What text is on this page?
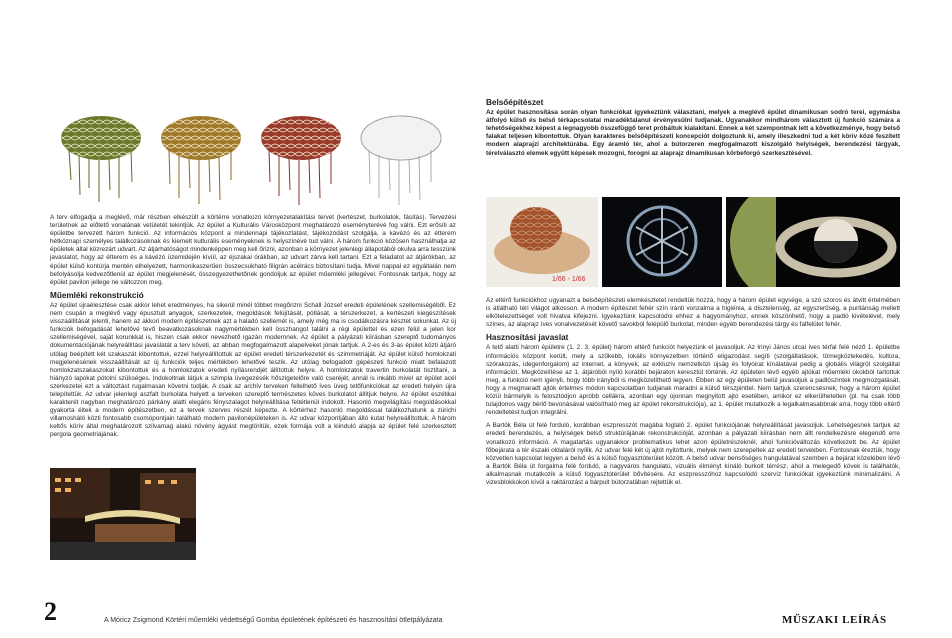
A terv elfogadja a meglévő, már részben elkészült a körtérre vonatkozó környezetalakítási tervet (kertészet, burkolatok, fásítás). Tervezési területnek az előtető vonalának vetületét tekintjük. Az épület a Kulturális Városközpont meghatározó eseményterévé fog válni. Ezt erősíti az épületbe tervezett három funkció. Az információs központ a mindennapi tájékoztatást, tájékozódást szolgálja, a kávézó és az étterem hétköznapi személyes találkozásoknak és kiemelt kulturális eseményeknek is helyszínévé tud válni. A három funkció közösen használhatja az épületek által közrezárt udvart. Az átjárhatóságot mindenképpen meg kell őrizni, azonban a környezet jelenlegi állapotából okulva arra tesszünk javaslatot, hogy az étterem és a kávézó üzemidején kívül, az éjszakai órákban, az udvart zárva kell tartani. Ezt a feladatot az átjárókban, az épület külső kontúrja mentén elhelyezett, harmonikaszerűen összecsukható filigrán acélrács biztosítani tudja. Mivel nappal ez egyáltalán nem befolyásolja kedvezőtlenül az épület megjelenését, összegyezethetőnek gondoljuk az épület műemléki jellegével. Fontosnak tartjuk, hogy az épület pavilon jellege ne változzon meg.

Műemléki rekonstrukció

Az épület újraélesztése csak akkor lehet eredményes, ha sikerül minél többet megőrizni Schall József eredeti épületének szellemiségéből. Ez nem csupán a meglévő vagy épusztult anyagok, szerkezetek, megoldások felújítását, pótlását, a térszerkezet, a kertészeti kiegészítések visszaállítását jelenti, hanem az akkori modern építészetnek azt a haladó szellemét is, amely még ma is csodálkozásra késztet sokunkat. Az új funkciók befogadását lehetővé tevő beavatkozásoknak nagymértékben kell összhangot találni a régi épülettel és ezen felül a jelen kor szellemiségével, saját korunkkal is, hiszen csak ekkor nevezhető igazán modernnek. Az épület a pályázati kiírásban szereplő tudományos dokumentációjának helyreállítási javaslatát a terv követi, az abban megfogalmazott alapelveket jónak tartjuk. A 2-es és 3-as épület közti átjáró utólag beépített két szakaszát kibontottuk, ezzel helyreállítottuk az épület eredeti térszerkezetét és szimmetriáját. Az épület külső homlokzati megjelenésének visszaállítását az új funkciók teljes mértékben lehetővé teszik. Az utólag befogadott gépészeti funkció miatt befalazott homlokzatszakaszokat kibontottuk és a homlokzatok eredeti nyílásrendjét állítottuk helyre. A homlokzatok travertin burkolatát tisztítani, a hiányzó lapokat pótolni szükséges. Indokoltnak látjuk a szimpla üvegezésék hőszigetelőre való cseréjét, annál is inkább mivel az épület acél szerkezetei ezt a változtást rugalmasan követni tudják. A csak az archív terveken fellelhető íves üveg tetőfunkciókat az eredeti helyén újra telepítettük. Az udvar jelenlegi aszfalt burkolata helyett a terveken szereplő természetes köves burkolatot állítjuk helyre. Az épület eszétikai karakterét nagyban meghatározó párkány alatti elegáns fényszalagot helyreállítása feltétlenül indokolt. Hasonló megvilágítási megoldásokkal gyakorta éltek a modern építészetben, ez a tervek szerves részét képezte. A körtérhez hasonló megoldással találkozhatunk a zürichi villamosháló közti fontosabb csomópontjain található modern pavilonépületeken is. Az udvar központjában álló kutat helyreállítottuk. A három keltős körív által meghatározott szilvamag alakú növény ágyást megtöritük, ezek formája volt a kiinduló alapja az épület felé szerkesztett pergola geometriájának.

Belsőépítészet

Az épület hasznosítása során olyan funkciókat igyekeztünk választani, melyek a meglévő épület dinamikusan sodró terei, egymásba átfolyó külső és belső térkapcsolatai maradéktalanul érvényesülni tudjanak. Ugyanakkor mindhárom választott új funkció számára a lehetőségekhez képest a legnagyobb összefüggő teret próbáltuk kialakítani. Ennek a két szempontnak lett a következménye, hogy belső falakat teljesen kibontottuk. Olyan karakteres belsőépítészeti koncepciót dolgoztunk ki, amely illeszkedni tud a két körív közé feszített modern alaprajzi architektúrába. Egy áramló tér, ahol a bútorzeren megfogalmazott kiszolgáló helyiségek, berendezési tárgyak, térelválasztó elemek együtt képesek mozogni, forogni az alaprajz dinamikusan körbeforgó szerkesztésével.

1/66 - 1/66

Az eltérő funkciókhoz ugyanazt a belsőépítészeti elemkészletet rendeltük hozzá, hogy a három épület egysége, a szó szoros és átvitt értelmében is átlátható téri világot alkosson. A modern építészet fehér szín iránti vonzalma a higiénia, a disztelenség, az egyszerűség, a puritánság mellett elkötelezettséget volt hivatva kifejezni. Igyekeztünk kapcsolódni ehhez a hagyományhoz, ennek köszönhető, hogy a padló kivételével, mely színes, az alaprajz íves vonalvezetését követő savokból felépülő burkolat, minden egyéb berendezési tárgy és falfelület fehér.

Hasznosítási javaslat

A tető alatti három épületre (1. 2. 3. épület) három eltérő funkciót helyezünk el javasoljuk. Az Irinyi János utcai íves térfal felé néző 1. épületbe információs központ került, mely a szűkebb, lokális környezetben történő eligazodást segíti (szolgáltatások, tömegközlekedés, kultúra, szórakozás, idegenforgalom) az internet, a könyvek, az exkluzív nemzetközi újság és folyóirat kínálatával pedig a globális világról szolgáltat információt. Megközelítése az 1. átjáróból nyíló korábbi bejáraton keresztül történik. Az épületen lévő egyéb ajtókat műemléki okokból tartottuk meg, a funkció nem igényli, hogy több irányból is megközelíthető legyen. Ebben az egy épületen belül javasoljuk a padlószintek megmozgatását, hogy a megmaradt ajtók értelmes módon kapcsolatban tudjanak maradni a külső térszpinttel. Nem tartjuk szerencsésnek, hogy a három épület közül bármelyik is felosztódjon apróbb cellákra, azonban egy újonnan megnyitott ajtó esetében, amikor ez elkerülhetetlen (pl. ha csak több tulajdonos vagy bérlő bevonásával valósítható meg az épület rekonstrukciója), az 1. épület mutatkozik a legalkalmasabbnak arra, hogy több eltérő rendeltetést tudjon integrálni.

A Bartók Béla út felé forduló, korábban eszpresszót magába foglaló 2. épület funkciójának helyreállítását javasoljuk. Lehetségesnek tartjuk az eredeti berendezés, a helyiségek belső struktúrájának rekonstrukcióját, azonban a pályázati kiírásban nem állt rendelkezésre elegendő erre vonatkozó információ. A magatartás ugyanakkor problematikus lehet azon épületrészeknél, ahol funkcióváltozás következett be. Az épület főbejárata a tér északi oldaláról nyílik. Az udvar felé két új ajtót nyitottunk, melyek nem szerepeltek az eredeti tervekben. Fontosnak éreztük, hogy közvetlen kapcsolat legyen a belső és a külső fogyasztóterület között. A belső udvar bensőséges hangulatával szemben a bejárat közelében lévő a Bartók Béla út forgalma felé forduló, a nagyváros hangulatú, vizuális élményt kínáló burkolt térrész, ahol a melegedő kövek is találhatók, alkalmasnak mutatkozik a külső fogyasztótérület bővítésére. Az eszpresszóhoz kapcsolódó szervíz funkciókat igyekeztünk minimalizálni. A vizesblokkokon kívül a raktározást a bárpult bútorzatában rejtettük el.

2	A Móricz Zsigmond Körtéri műemléki védettségű Gomba épületének építészeti és hasznosítási ötletpályázata	MŰSZAKI LEÍRÁS
